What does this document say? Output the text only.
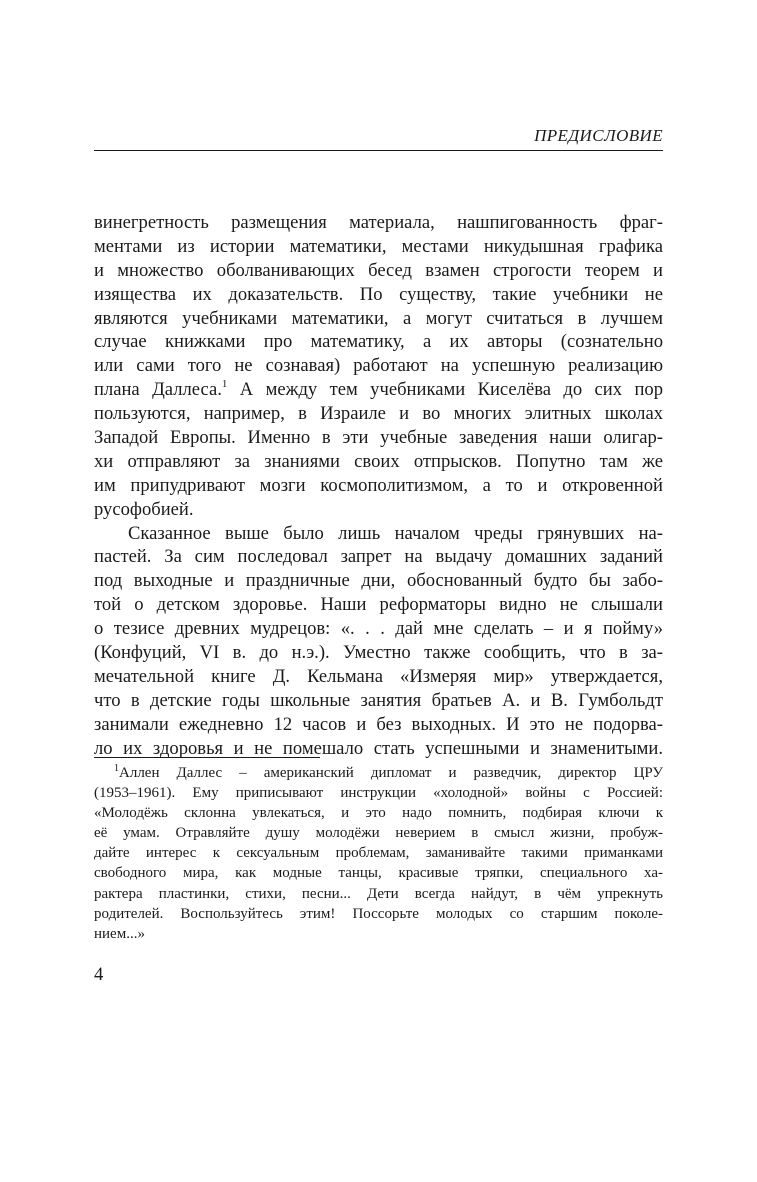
ПРЕДИСЛОВИЕ
винегретность размещения материала, нашпигованность фраг-
ментами из истории математики, местами никудышная графика
и множество оболванивающих бесед взамен строгости теорем и
изящества их доказательств. По существу, такие учебники не
являются учебниками математики, а могут считаться в лучшем
случае книжками про математику, а их авторы (сознательно
или сами того не сознавая) работают на успешную реализацию
плана Даллеса.$^1$ А между тем учебниками Киселёва до сих пор
пользуются, например, в Израиле и во многих элитных школах
Западой Европы. Именно в эти учебные заведения наши олигар-
хи отправляют за знаниями своих отпрысков. Попутно там же
им припудривают мозги космополитизмом, а то и откровенной
русофобией.
Сказанное выше было лишь началом чреды грянувших на-
пастей. За сим последовал запрет на выдачу домашних заданий
под выходные и праздничные дни, обоснованный будто бы забо-
той о детском здоровье. Наши реформаторы видно не слышали
о тезисе древних мудрецов: «. . . дай мне сделать – и я пойму»
(Конфуций, VI в. до н.э.). Уместно также сообщить, что в за-
мечательной книге Д. Кельмана «Измеряя мир» утверждается,
что в детские годы школьные занятия братьев А. и В. Гумбольдт
занимали ежедневно 12 часов и без выходных. И это не подорва-
ло их здоровья и не помешало стать успешными и знаменитыми.
$^1$Аллен Даллес – американский дипломат и разведчик, директор ЦРУ
(1953–1961). Ему приписывают инструкции «холодной» войны с Россией:
«Молодёжь склонна увлекаться, и это надо помнить, подбирая ключи к
её умам. Отравляйте душу молодёжи неверием в смысл жизни, пробуж-
дайте интерес к сексуальным проблемам, заманивайте такими приманками
свободного мира, как модные танцы, красивые тряпки, специального ха-
рактера пластинки, стихи, песни... Дети всегда найдут, в чём упрекнуть
родителей. Воспользуйтесь этим! Поссорьте молодых со старшим поколе-
нием...»
4
